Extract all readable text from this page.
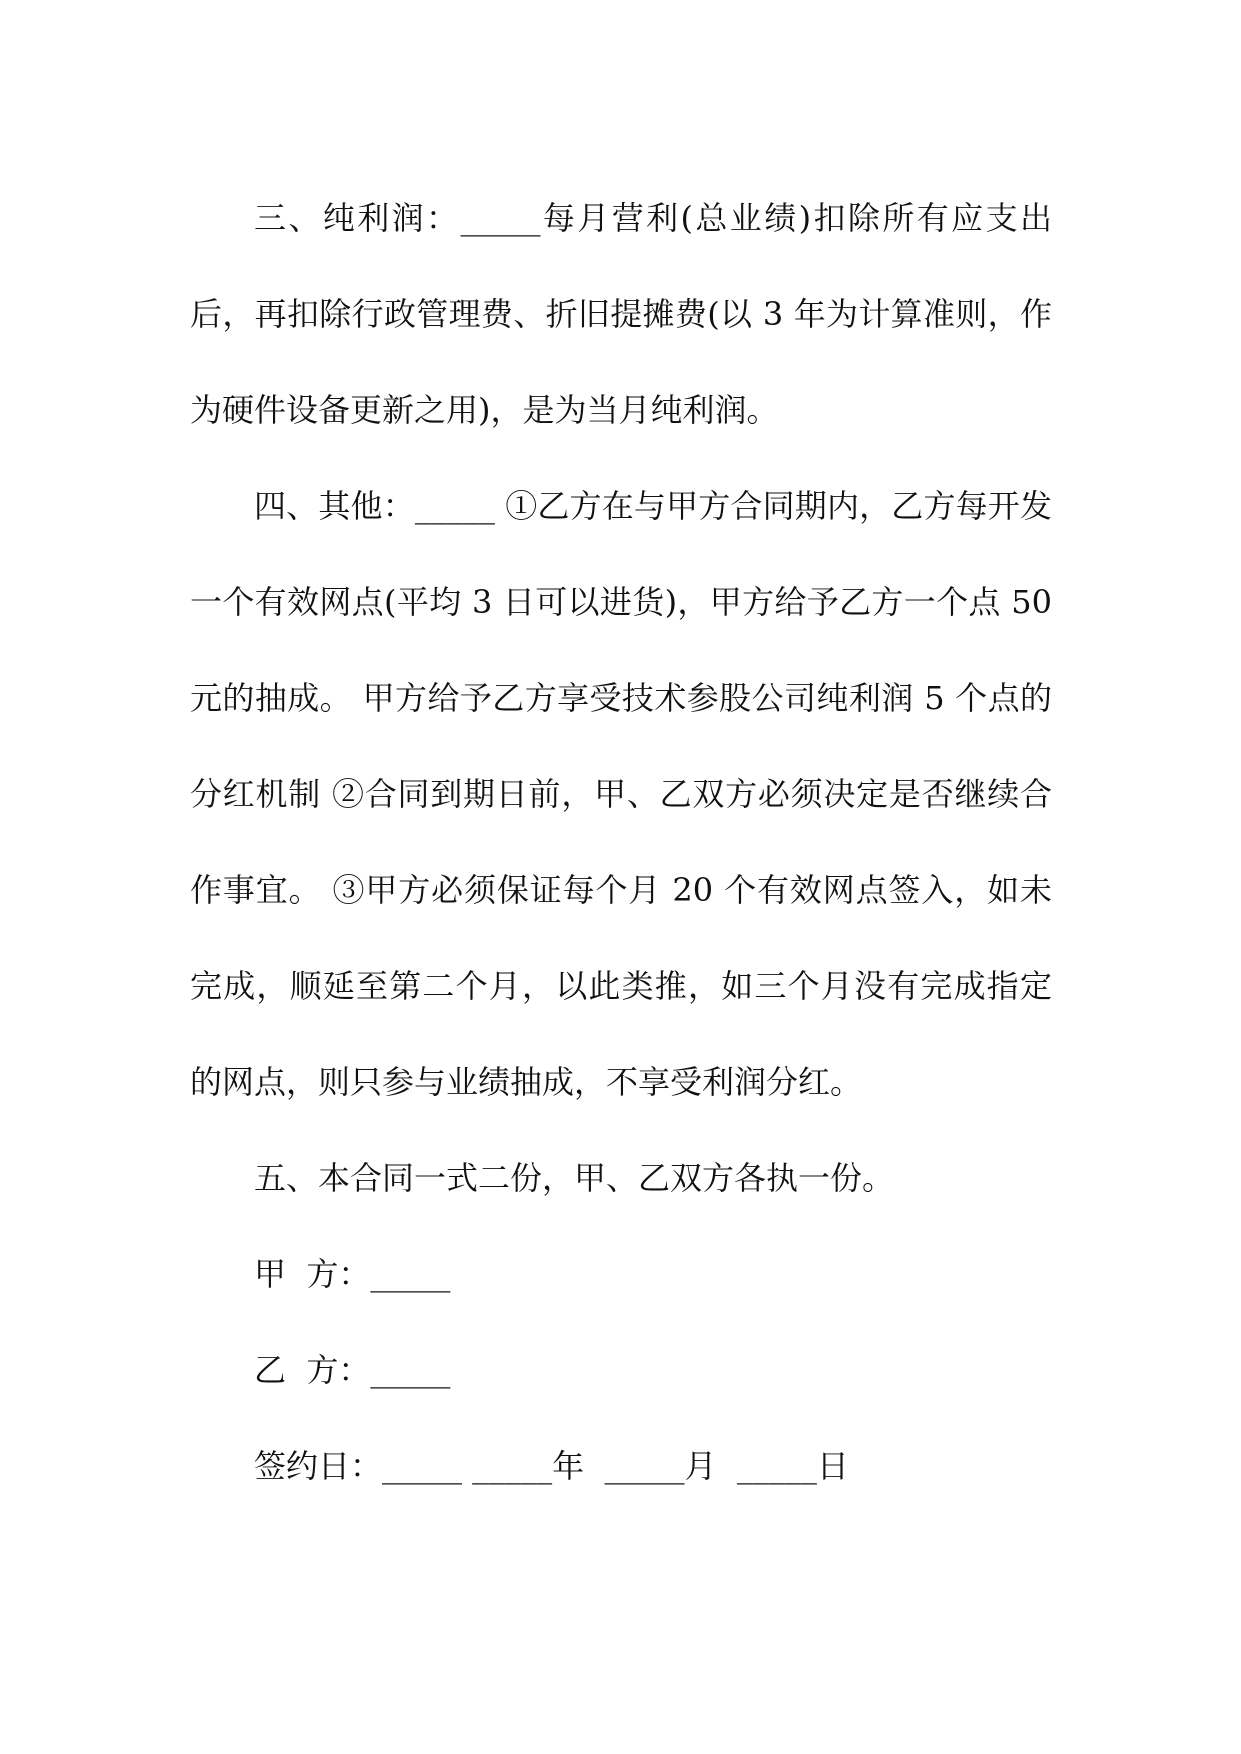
三、纯利润：_____每月营利(总业绩)扣除所有应支出后，再扣除行政管理费、折旧提摊费(以 3 年为计算准则，作为硬件设备更新之用)，是为当月纯利润。

四、其他：_____ ①乙方在与甲方合同期内，乙方每开发一个有效网点(平均 3 日可以进货)，甲方给予乙方一个点 50 元的抽成。 甲方给予乙方享受技术参股公司纯利润 5 个点的分红机制 ②合同到期日前，甲、乙双方必须决定是否继续合作事宜。 ③甲方必须保证每个月 20 个有效网点签入，如未完成，顺延至第二个月，以此类推，如三个月没有完成指定的网点，则只参与业绩抽成，不享受利润分红。

五、本合同一式二份，甲、乙双方各执一份。

甲  方：_____

乙  方：_____

签约日：_____ _____年  _____月  _____日
